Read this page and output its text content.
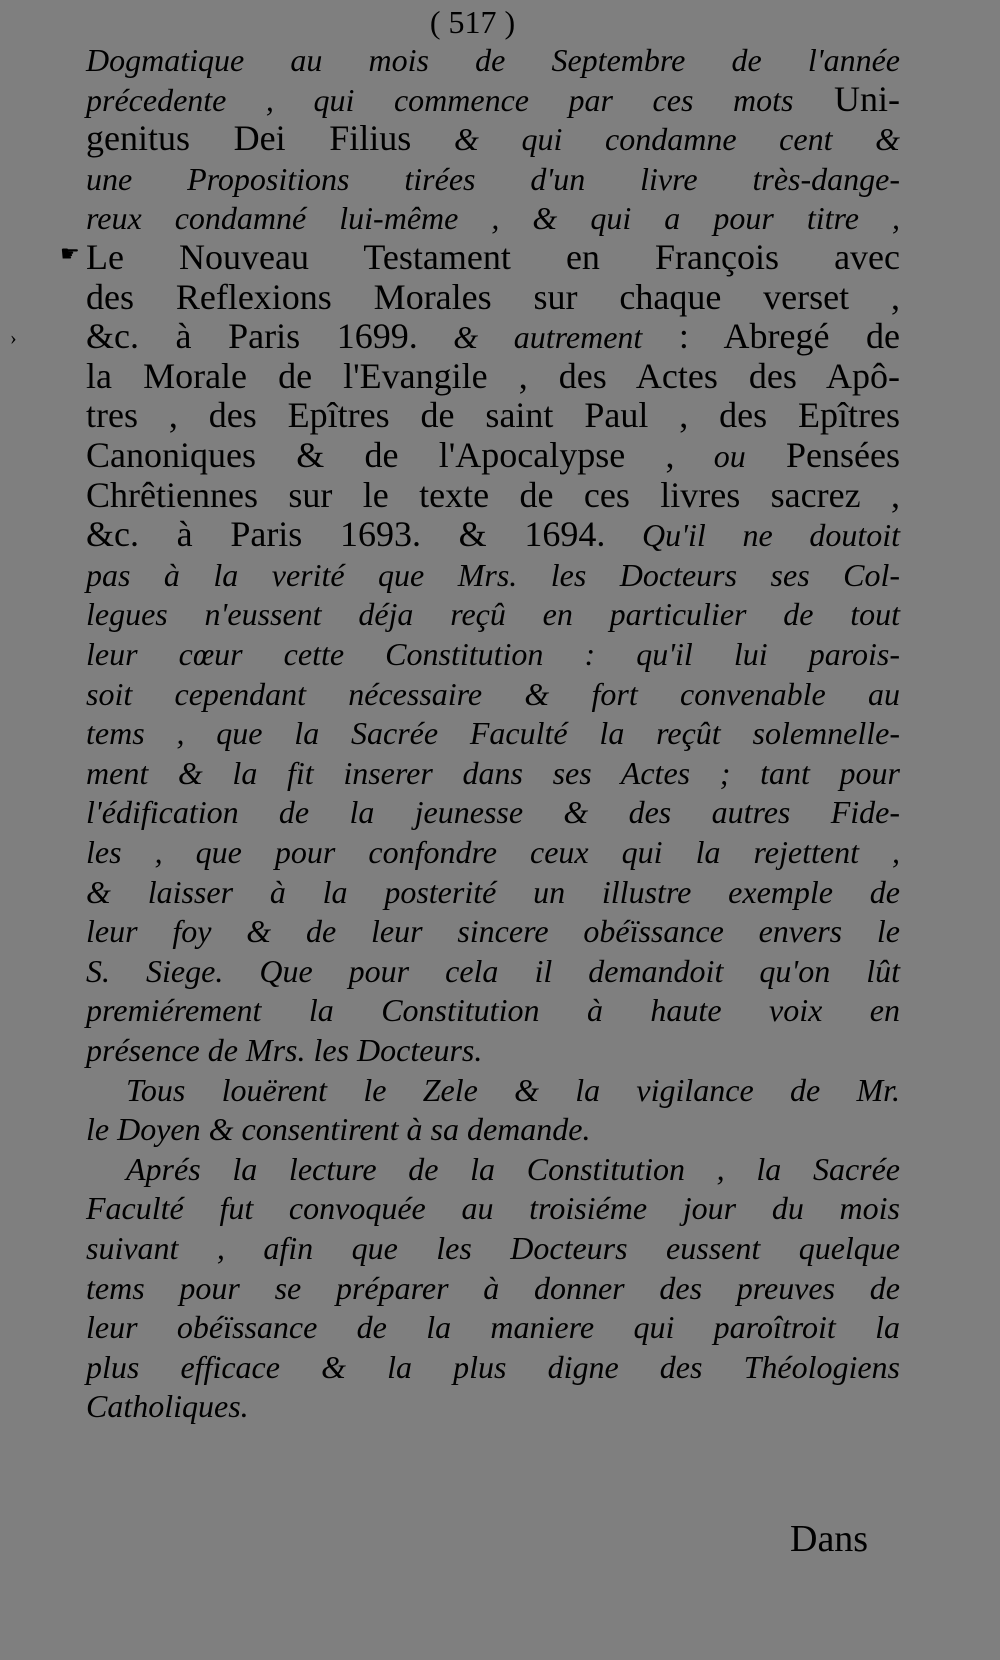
( 517 )
☛
›
Dogmatique au mois de Septembre de l'année
précedente , qui commence par ces mots Uni-
genitus Dei Filius & qui condamne cent &
une Propositions tirées d'un livre très-dange-
reux condamné lui-même , & qui a pour titre ,
Le Nouveau Testament en François avec
des Reflexions Morales sur chaque verset ,
&c. à Paris 1699. & autrement : Abregé de
la Morale de l'Evangile , des Actes des Apô-
tres , des Epîtres de saint Paul , des Epîtres
Canoniques & de l'Apocalypse , ou Pensées
Chrêtiennes sur le texte de ces livres sacrez ,
&c. à Paris 1693. & 1694. Qu'il ne doutoit
pas à la verité que Mrs. les Docteurs ses Col-
legues n'eussent déja reçû en particulier de tout
leur cœur cette Constitution : qu'il lui parois-
soit cependant nécessaire & fort convenable au
tems , que la Sacrée Faculté la reçût solemnelle-
ment & la fit inserer dans ses Actes ; tant pour
l'édification de la jeunesse & des autres Fide-
les , que pour confondre ceux qui la rejettent ,
& laisser à la posterité un illustre exemple de
leur foy & de leur sincere obéïssance envers le
S. Siege. Que pour cela il demandoit qu'on lût
premiérement la Constitution à haute voix en
présence de Mrs. les Docteurs.
Tous louërent le Zele & la vigilance de Mr.
le Doyen & consentirent à sa demande.
Aprés la lecture de la Constitution , la Sacrée
Faculté fut convoquée au troisiéme jour du mois
suivant , afin que les Docteurs eussent quelque
tems pour se préparer à donner des preuves de
leur obéïssance de la maniere qui paroîtroit la
plus efficace & la plus digne des Théologiens
Catholiques.
Dans
